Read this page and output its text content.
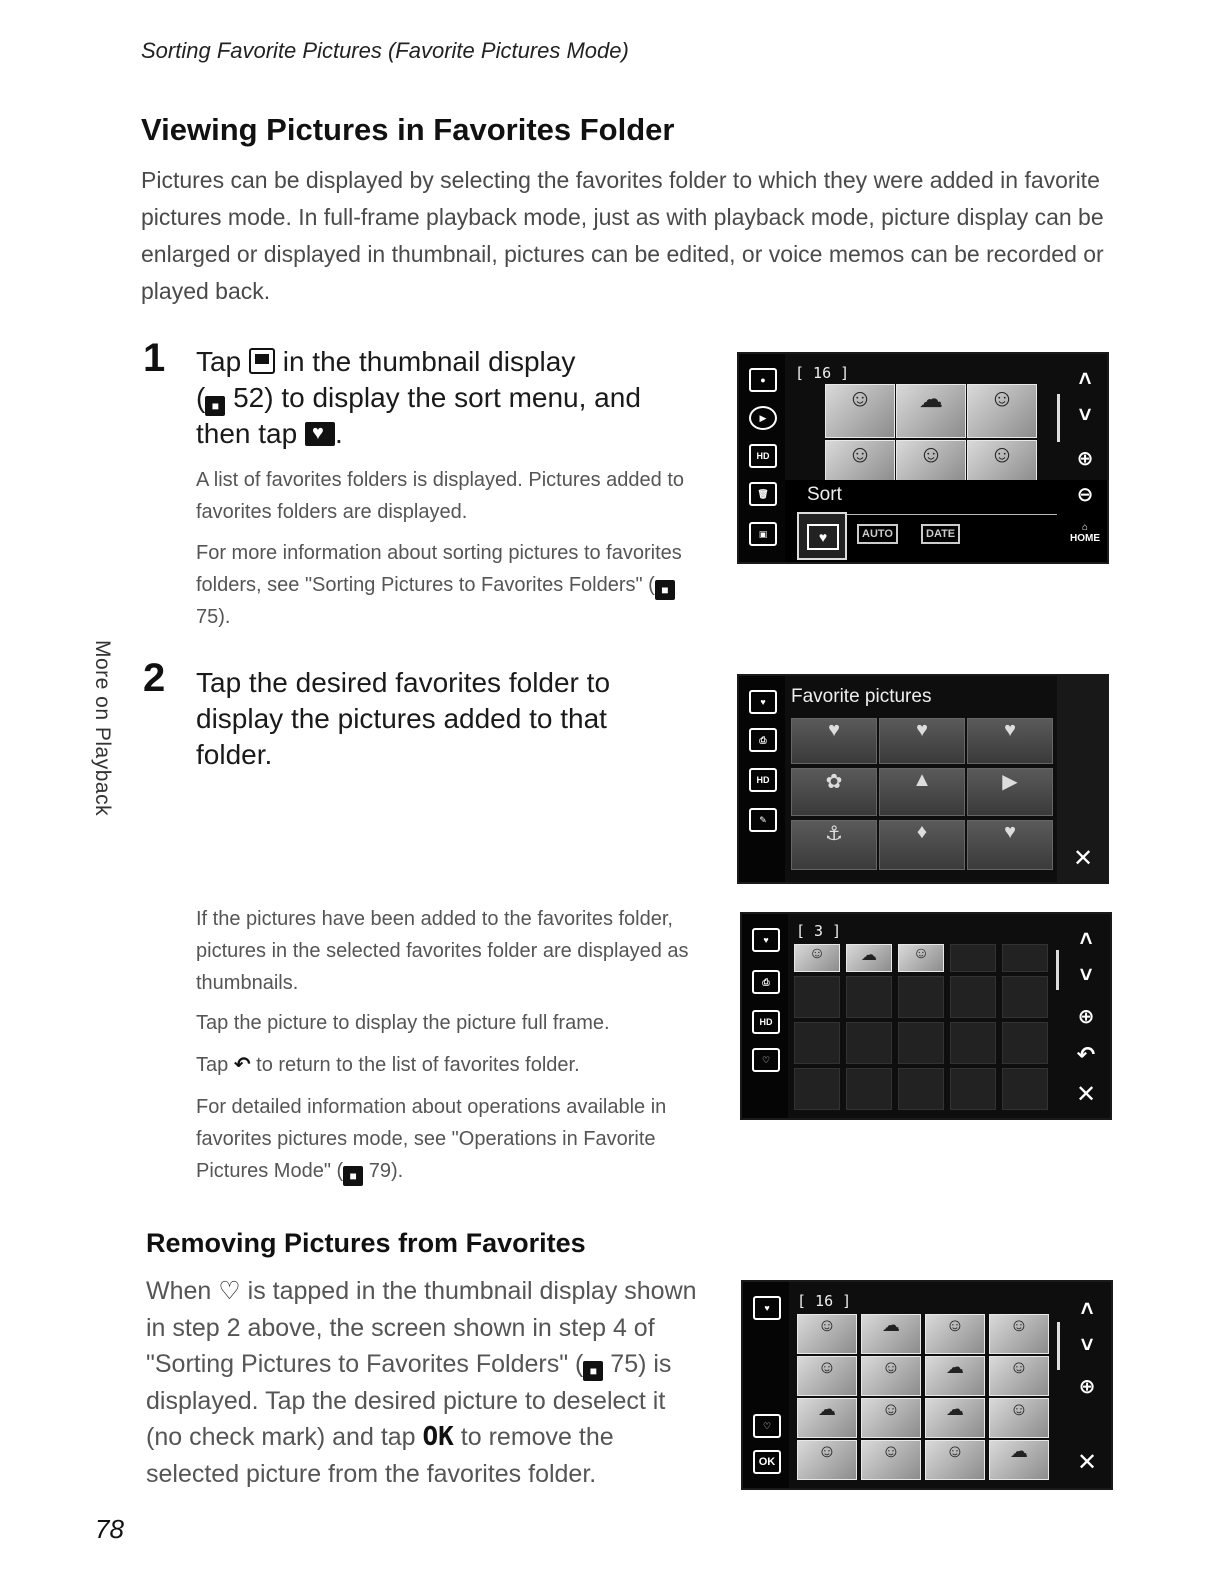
Sorting Favorite Pictures (Favorite Pictures Mode)
Viewing Pictures in Favorites Folder
Pictures can be displayed by selecting the favorites folder to which they were added in favorite pictures mode. In full-frame playback mode, just as with playback mode, picture display can be enlarged or displayed in thumbnail, pictures can be edited, or voice memos can be recorded or played back.
1 Tap in the thumbnail display
( ■ 52) to display the sort menu, and
then tap ♥ .
A list of favorites folders is displayed. Pictures added to favorites folders are displayed.
For more information about sorting pictures to favorites folders, see "Sorting Pictures to Favorites Folders" ( ■ 75).
2 Tap the desired favorites folder to display the pictures added to that folder.
If the pictures have been added to the favorites folder, pictures in the selected favorites folder are displayed as thumbnails.
Tap the picture to display the picture full frame.
Tap ↶ to return to the list of favorites folder.
For detailed information about operations available in favorites pictures mode, see "Operations in Favorite Pictures Mode" ( ■ 79).
More on Playback
Removing Pictures from Favorites
When ♡ is tapped in the thumbnail display shown in step 2 above, the screen shown in step 4 of "Sorting Pictures to Favorites Folders" ( ■ 75) is displayed. Tap the desired picture to deselect it (no check mark) and tap OK to remove the selected picture from the favorites folder.
78
●
▶
HD
🗑
▣
[ 16 ]
☺	☁	☺
☺	☺	☺
Sort
♥	AUTO	DATE
˄
˅
⊕
⊖
⌂
HOME
♥
⎙
HD
✎
Favorite pictures
♥	♥	♥
✿	▲	▶
⚓	♦	♥
✕
♥
⎙
HD
♡
[ 3 ]
☺	☁	☺
˄
˅
⊕
↶
✕
♥
♡
OK
[ 16 ]
☺	☁	☺	☺
☺	☺	☁	☺
☁	☺	☁	☺
☺	☺	☺	☁
˄
˅
⊕
✕
